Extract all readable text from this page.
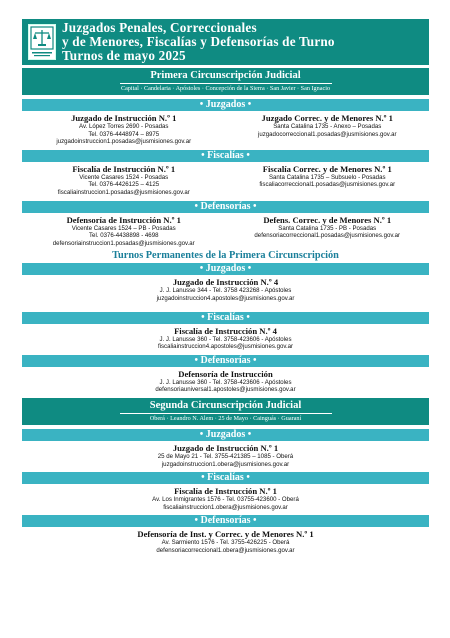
Juzgados Penales, Correccionales
y de Menores, Fiscalías y Defensorías de Turno
Turnos de mayo 2025
Primera Circunscripción Judicial
Capital · Candelaria · Apóstoles · Concepción de la Sierra · San Javier · San Ignacio
• Juzgados •
Juzgado de Instrucción N.º 1
Av. López Torres 2690 - Posadas
Tel. 0376-4448974 – 8975
juzgadoinstruccion1.posadas@jusmisiones.gov.ar
Juzgado Correc. y de Menores N.º 1
Santa Catalina 1735 - Anexo – Posadas
juzgadocorreccional1.posadas@jusmisiones.gov.ar
• Fiscalías •
Fiscalía de Instrucción N.º 1
Vicente Casares 1524 - Posadas
Tel. 0376-4426125 – 4125
fiscaliainstruccion1.posadas@jusmisiones.gov.ar
Fiscalía Correc. y de Menores N.º 1
Santa Catalina 1735 – Subsuelo - Posadas
fiscaliacorreccional1.posadas@jusmisiones.gov.ar
• Defensorías •
Defensoría de Instrucción N.º 1
Vicente Casares 1524 – PB - Posadas
Tel. 0376-4438898 - 4698
defensoriainstruccion1.posadas@jusmisiones.gov.ar
Defens. Correc. y de Menores N.º 1
Santa Catalina 1735 - PB - Posadas
defensoriacorreccional1.posadas@jusmisiones.gov.ar
Turnos Permanentes de la Primera Circunscripción
• Juzgados •
Juzgado de Instrucción N.º 4
J. J. Lanusse 344 - Tel. 3758 423268 - Apóstoles
juzgadoinstruccion4.apostoles@jusmisiones.gov.ar
• Fiscalías •
Fiscalía de Instrucción N.º 4
J. J. Lanusse 360 - Tel. 3758-423606 - Apóstoles
fiscaliainstruccion4.apostoles@jusmisiones.gov.ar
• Defensorías •
Defensoría de Instrucción
J. J. Lanusse 360 - Tel. 3758-423606 - Apóstoles
defensoriauniversal1.apostoles@jusmisiones.gov.ar
Segunda Circunscripción Judicial
Oberá · Leandro N. Alem · 25 de Mayo · Cainguás · Guaraní
• Juzgados •
Juzgado de Instrucción N.º 1
25 de Mayo 21 - Tel. 3755-421385 – 1085 - Oberá
juzgadoinstruccion1.obera@jusmisiones.gov.ar
• Fiscalías •
Fiscalía de Instrucción N.º 1
Av. Los Inmigrantes 1576 - Tel. 03755-423600 - Oberá
fiscaliainstruccion1.obera@jusmisiones.gov.ar
• Defensorías •
Defensoría de Inst. y Correc. y de Menores N.º 1
Av. Sarmiento 1576 - Tel. 3755-426225 - Oberá
defensoriacorreccional1.obera@jusmisiones.gov.ar
